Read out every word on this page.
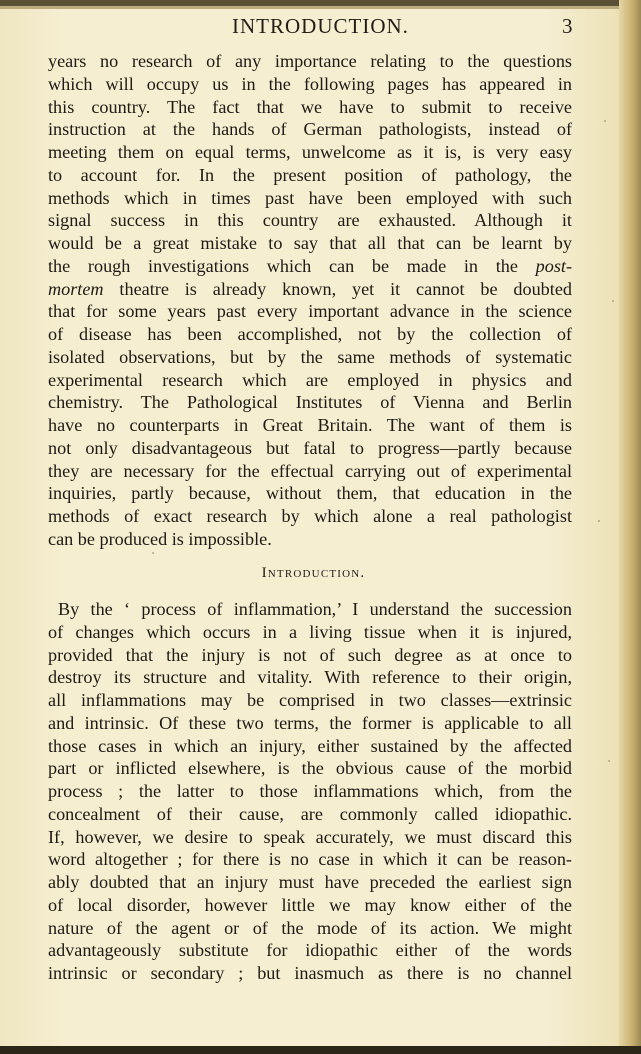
INTRODUCTION.	3
years no research of any importance relating to the questions
which will occupy us in the following pages has appeared in
this country. The fact that we have to submit to receive
instruction at the hands of German pathologists, instead of
meeting them on equal terms, unwelcome as it is, is very easy
to account for. In the present position of pathology, the
methods which in times past have been employed with such
signal success in this country are exhausted. Although it
would be a great mistake to say that all that can be learnt by
the rough investigations which can be made in the post-
mortem theatre is already known, yet it cannot be doubted
that for some years past every important advance in the science
of disease has been accomplished, not by the collection of
isolated observations, but by the same methods of systematic
experimental research which are employed in physics and
chemistry. The Pathological Institutes of Vienna and Berlin
have no counterparts in Great Britain. The want of them is
not only disadvantageous but fatal to progress—partly because
they are necessary for the effectual carrying out of experimental
inquiries, partly because, without them, that education in the
methods of exact research by which alone a real pathologist
can be produced is impossible.
Introduction.
By the ‘ process of inflammation,’ I understand the succession
of changes which occurs in a living tissue when it is injured,
provided that the injury is not of such degree as at once to
destroy its structure and vitality. With reference to their origin,
all inflammations may be comprised in two classes—extrinsic
and intrinsic. Of these two terms, the former is applicable to all
those cases in which an injury, either sustained by the affected
part or inflicted elsewhere, is the obvious cause of the morbid
process ; the latter to those inflammations which, from the
concealment of their cause, are commonly called idiopathic.
If, however, we desire to speak accurately, we must discard this
word altogether ; for there is no case in which it can be reason-
ably doubted that an injury must have preceded the earliest sign
of local disorder, however little we may know either of the
nature of the agent or of the mode of its action. We might
advantageously substitute for idiopathic either of the words
intrinsic or secondary ; but inasmuch as there is no channel
